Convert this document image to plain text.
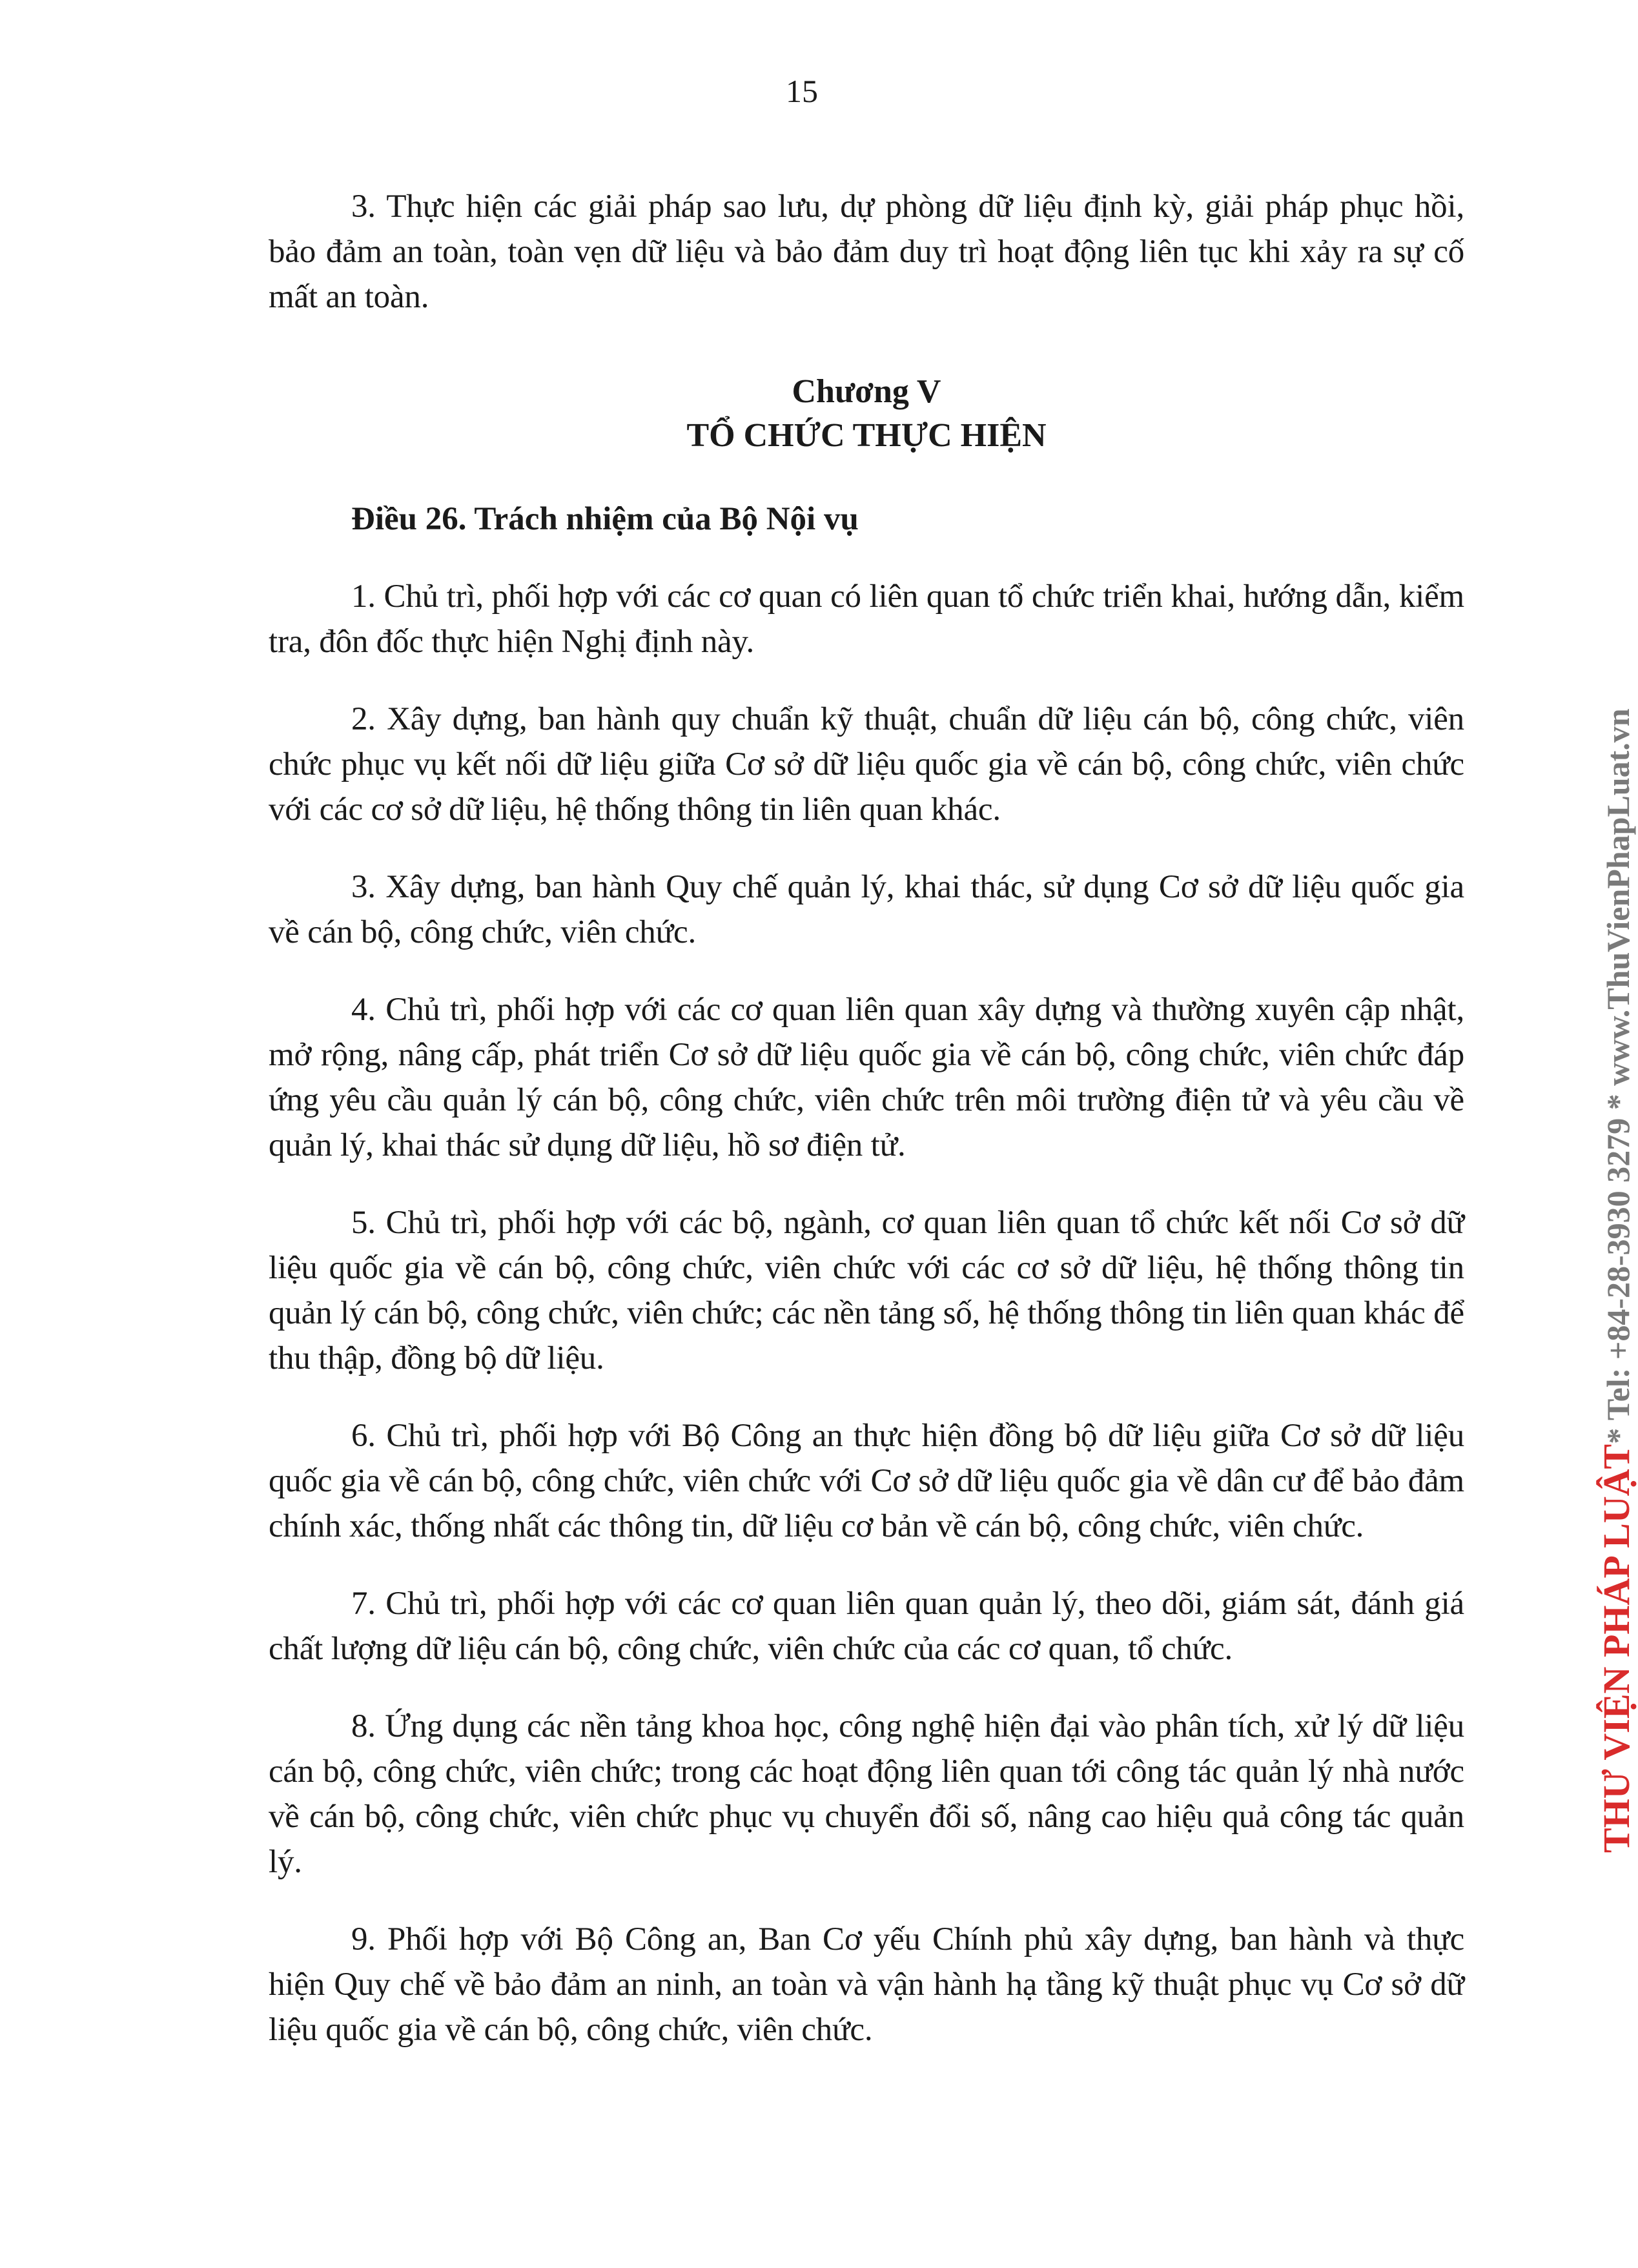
15

3. Thực hiện các giải pháp sao lưu, dự phòng dữ liệu định kỳ, giải pháp phục hồi, bảo đảm an toàn, toàn vẹn dữ liệu và bảo đảm duy trì hoạt động liên tục khi xảy ra sự cố mất an toàn.

Chương V
TỔ CHỨC THỰC HIỆN
Điều 26. Trách nhiệm của Bộ Nội vụ

1. Chủ trì, phối hợp với các cơ quan có liên quan tổ chức triển khai, hướng dẫn, kiểm tra, đôn đốc thực hiện Nghị định này.

2. Xây dựng, ban hành quy chuẩn kỹ thuật, chuẩn dữ liệu cán bộ, công chức, viên chức phục vụ kết nối dữ liệu giữa Cơ sở dữ liệu quốc gia về cán bộ, công chức, viên chức với các cơ sở dữ liệu, hệ thống thông tin liên quan khác.

3. Xây dựng, ban hành Quy chế quản lý, khai thác, sử dụng Cơ sở dữ liệu quốc gia về cán bộ, công chức, viên chức.

4. Chủ trì, phối hợp với các cơ quan liên quan xây dựng và thường xuyên cập nhật, mở rộng, nâng cấp, phát triển Cơ sở dữ liệu quốc gia về cán bộ, công chức, viên chức đáp ứng yêu cầu quản lý cán bộ, công chức, viên chức trên môi trường điện tử và yêu cầu về quản lý, khai thác sử dụng dữ liệu, hồ sơ điện tử.

5. Chủ trì, phối hợp với các bộ, ngành, cơ quan liên quan tổ chức kết nối Cơ sở dữ liệu quốc gia về cán bộ, công chức, viên chức với các cơ sở dữ liệu, hệ thống thông tin quản lý cán bộ, công chức, viên chức; các nền tảng số, hệ thống thông tin liên quan khác để thu thập, đồng bộ dữ liệu.

6. Chủ trì, phối hợp với Bộ Công an thực hiện đồng bộ dữ liệu giữa Cơ sở dữ liệu quốc gia về cán bộ, công chức, viên chức với Cơ sở dữ liệu quốc gia về dân cư để bảo đảm chính xác, thống nhất các thông tin, dữ liệu cơ bản về cán bộ, công chức, viên chức.

7. Chủ trì, phối hợp với các cơ quan liên quan quản lý, theo dõi, giám sát, đánh giá chất lượng dữ liệu cán bộ, công chức, viên chức của các cơ quan, tổ chức.

8. Ứng dụng các nền tảng khoa học, công nghệ hiện đại vào phân tích, xử lý dữ liệu cán bộ, công chức, viên chức; trong các hoạt động liên quan tới công tác quản lý nhà nước về cán bộ, công chức, viên chức phục vụ chuyển đổi số, nâng cao hiệu quả công tác quản lý.

9. Phối hợp với Bộ Công an, Ban Cơ yếu Chính phủ xây dựng, ban hành và thực hiện Quy chế về bảo đảm an ninh, an toàn và vận hành hạ tầng kỹ thuật phục vụ Cơ sở dữ liệu quốc gia về cán bộ, công chức, viên chức.

THƯ VIỆN PHÁP LUẬT* Tel: +84-28-3930 3279 * www.ThuVienPhapLuat.vn
